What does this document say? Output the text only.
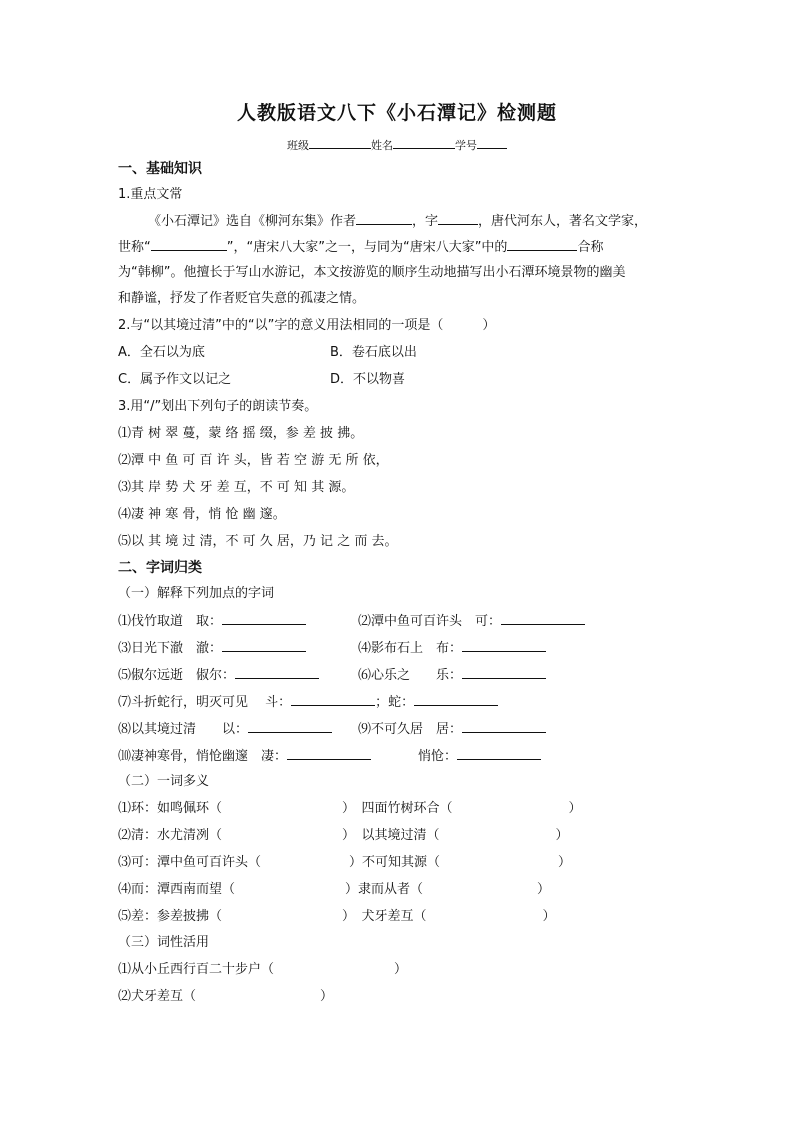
人教版语文八下《小石潭记》检测题
班级	姓名	学号
一、基础知识
1.重点文常
《小石潭记》选自《柳河东集》作者	，字	，唐代河东人，著名文学家，
世称“	”，“唐宋八大家”之一，与同为“唐宋八大家”中的	合称
为“韩柳”。他擅长于写山水游记，本文按游览的顺序生动地描写出小石潭环境景物的幽美
和静谧，抒发了作者贬官失意的孤凄之情。
2.与“以其境过清”中的“以”字的意义用法相同的一项是（　　　）
A．全石以为底	B．卷石底以出
C．属予作文以记之	D．不以物喜
3.用“/”划出下列句子的朗读节奏。
⑴青 树 翠 蔓，蒙 络 摇 缀，参 差 披 拂。
⑵潭 中 鱼 可 百 许 头，皆 若 空 游 无 所 依，
⑶其 岸 势 犬 牙 差 互，不 可 知 其 源。
⑷凄 神 寒 骨，悄 怆 幽 邃。
⑸以 其 境 过 清，不 可 久 居，乃 记 之 而 去。
二、字词归类
（一）解释下列加点的字词
⑴伐竹取道　取：	⑵潭中鱼可百许头　可：
⑶日光下澈　澈：	⑷影布石上　布：
⑸俶尔远逝　俶尔：	⑹心乐之　　乐：
⑺斗折蛇行，明灭可见　 斗：	；蛇：
⑻以其境过清　　以：	⑼不可久居　居：
⑽凄神寒骨，悄怆幽邃　凄：	悄怆：
（二）一词多义
⑴环：如鸣佩环（	）　四面竹树环合（	）
⑵清：水尤清冽（	）　以其境过清（	）
⑶可：潭中鱼可百许头（	）不可知其源（	）
⑷而：潭西南而望（	）隶而从者（	）
⑸差：参差披拂（	）　犬牙差互（	）
（三）词性活用
⑴从小丘西行百二十步户（	）
⑵犬牙差互（	）
